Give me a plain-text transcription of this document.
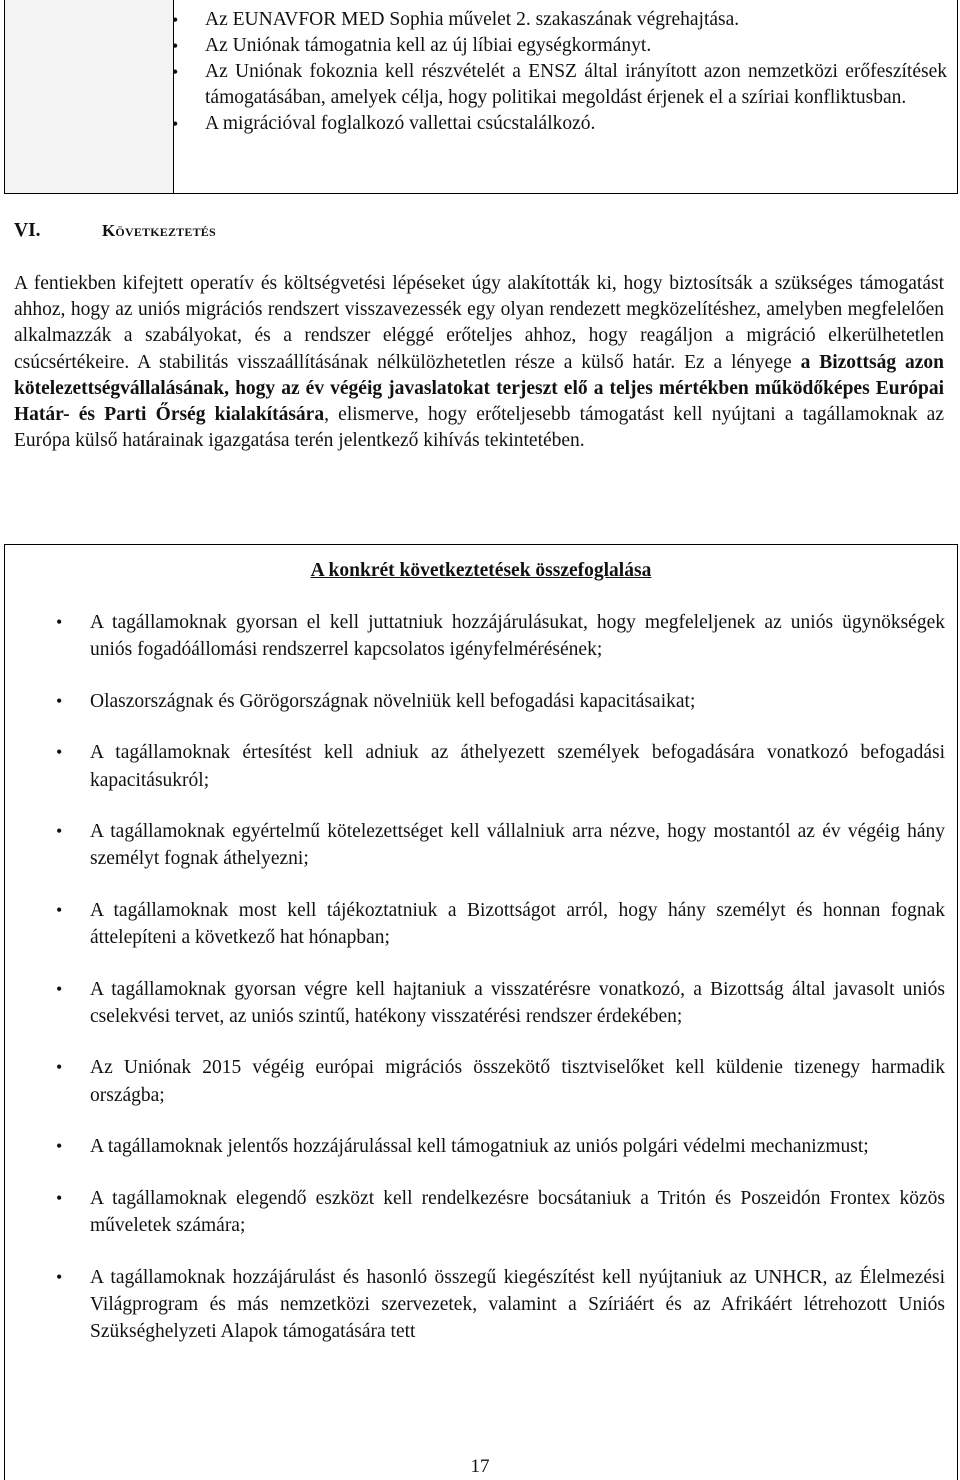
• Az EUNAVFOR MED Sophia művelet 2. szakaszának végrehajtása.
• Az Uniónak támogatnia kell az új líbiai egységkormányt.
• Az Uniónak fokoznia kell részvételét a ENSZ által irányított azon nemzetközi erőfeszítések támogatásában, amelyek célja, hogy politikai megoldást érjenek el a szíriai konfliktusban.
• A migrációval foglalkozó vallettai csúcstalálkozó.
VI.	Következtetés

A fentiekben kifejtett operatív és költségvetési lépéseket úgy alakították ki, hogy biztosítsák a szükséges támogatást ahhoz, hogy az uniós migrációs rendszert visszavezessék egy olyan rendezett megközelítéshez, amelyben megfelelően alkalmazzák a szabályokat, és a rendszer eléggé erőteljes ahhoz, hogy reagáljon a migráció elkerülhetetlen csúcsértékeire. A stabilitás visszaállításának nélkülözhetetlen része a külső határ. Ez a lényege a Bizottság azon kötelezettségvállalásának, hogy az év végéig javaslatokat terjeszt elő a teljes mértékben működőképes Európai Határ- és Parti Őrség kialakítására, elismerve, hogy erőteljesebb támogatást kell nyújtani a tagállamoknak az Európa külső határainak igazgatása terén jelentkező kihívás tekintetében.

A konkrét következtetések összefoglalása
• A tagállamoknak gyorsan el kell juttatniuk hozzájárulásukat, hogy megfeleljenek az uniós ügynökségek uniós fogadóállomási rendszerrel kapcsolatos igényfelmérésének;
• Olaszországnak és Görögországnak növelniük kell befogadási kapacitásaikat;
• A tagállamoknak értesítést kell adniuk az áthelyezett személyek befogadására vonatkozó befogadási kapacitásukról;
• A tagállamoknak egyértelmű kötelezettséget kell vállalniuk arra nézve, hogy mostantól az év végéig hány személyt fognak áthelyezni;
• A tagállamoknak most kell tájékoztatniuk a Bizottságot arról, hogy hány személyt és honnan fognak áttelepíteni a következő hat hónapban;
• A tagállamoknak gyorsan végre kell hajtaniuk a visszatérésre vonatkozó, a Bizottság által javasolt uniós cselekvési tervet, az uniós szintű, hatékony visszatérési rendszer érdekében;
• Az Uniónak 2015 végéig európai migrációs összekötő tisztviselőket kell küldenie tizenegy harmadik országba;
• A tagállamoknak jelentős hozzájárulással kell támogatniuk az uniós polgári védelmi mechanizmust;
• A tagállamoknak elegendő eszközt kell rendelkezésre bocsátaniuk a Tritón és Poszeidón Frontex közös műveletek számára;
• A tagállamoknak hozzájárulást és hasonló összegű kiegészítést kell nyújtaniuk az UNHCR, az Élelmezési Világprogram és más nemzetközi szervezetek, valamint a Szíriáért és az Afrikáért létrehozott Uniós Szükséghelyzeti Alapok támogatására tett
17
